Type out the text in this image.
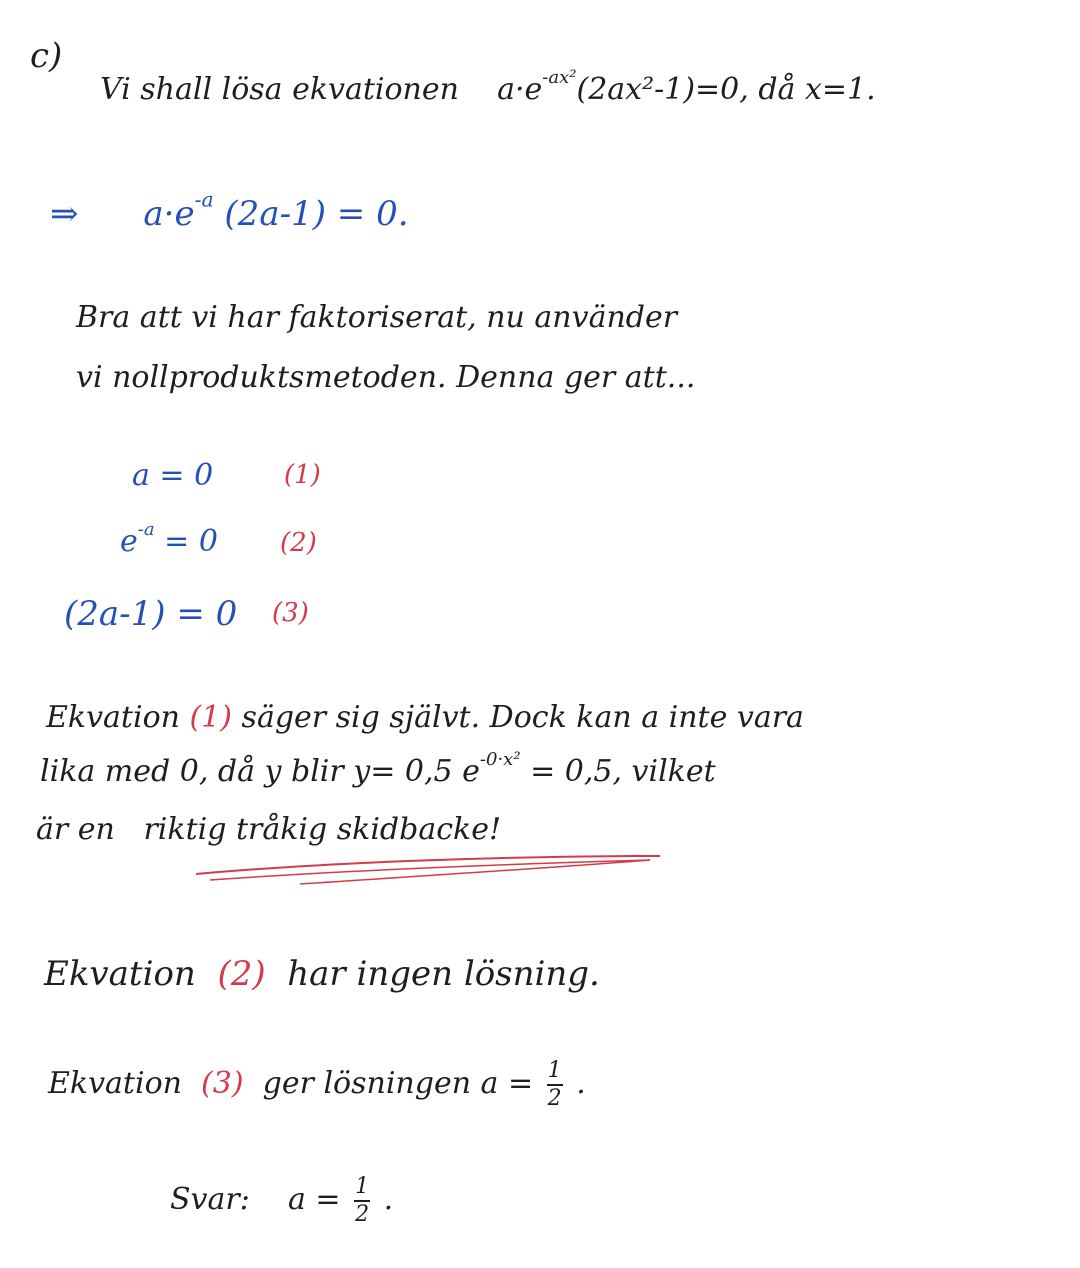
c)
Vi shall lösa ekvationen $a\cdot e^{-ax^2}(2ax^2-1)=0$, då x=1.
⇒ $a\cdot e^{-a}$ (2a-1) = 0.
Bra att vi har faktoriserat, nu använder
vi nollproduktsmetoden. Denna ger att...
a = 0	(1)
$e^{-a} = 0$ (2)
(2a-1) = 0 (3)
Ekvation (1) säger sig självt. Dock kan a inte vara
lika med 0, då y blir y= 0,5 $e^{-0\cdot x^2} = 0,5$, vilket
är en riktig tråkig skidbacke!
Ekvation (2) har ingen lösning.
Ekvation (3) ger lösningen $a = \frac{1}{2}$ .
Svar: $a = \frac{1}{2}$ .
